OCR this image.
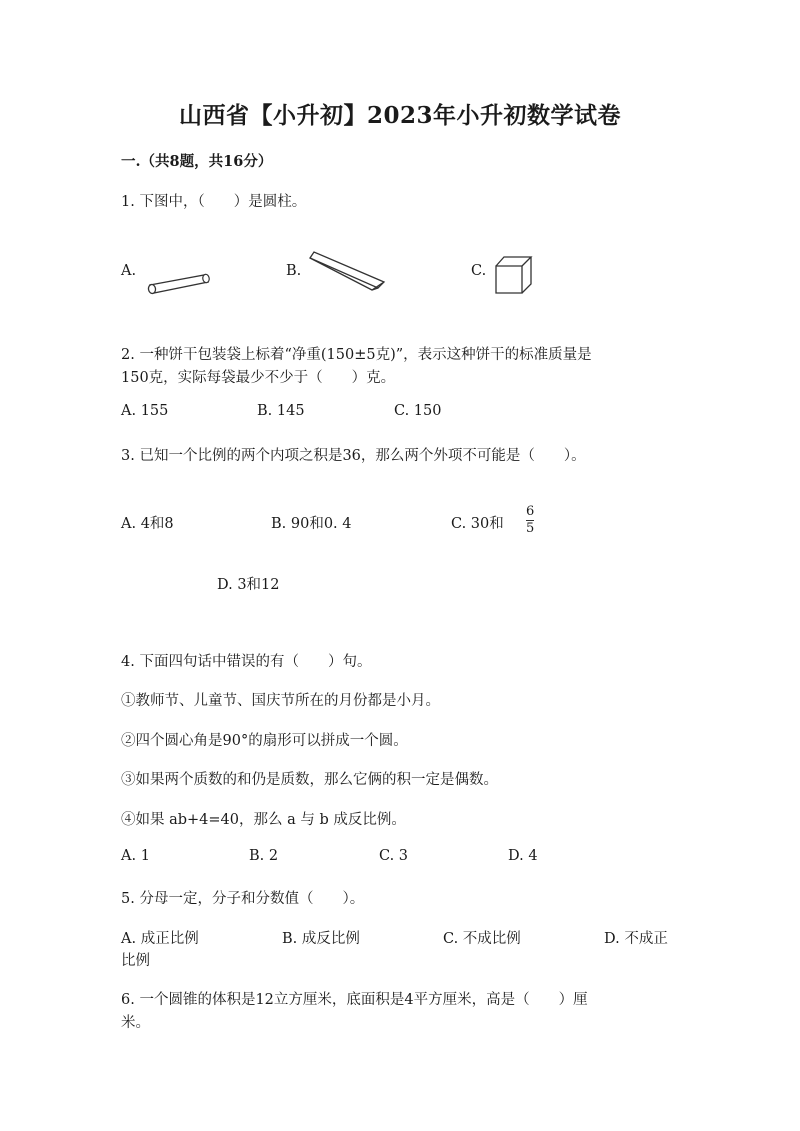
山西省【小升初】2023年小升初数学试卷
一.（共8题，共16分）
1. 下图中，（　　）是圆柱。
A.	B.	C.
2. 一种饼干包装袋上标着“净重(150±5克)”，表示这种饼干的标准质量是
150克，实际每袋最少不少于（　　）克。
A. 155	B. 145	C. 150
3. 已知一个比例的两个内项之积是36，那么两个外项不可能是（　　）。
A. 4和8	B. 90和0. 4	C. 30和
6
5
D. 3和12
4. 下面四句话中错误的有（　　）句。
①教师节、儿童节、国庆节所在的月份都是小月。
②四个圆心角是90°的扇形可以拼成一个圆。
③如果两个质数的和仍是质数，那么它俩的积一定是偶数。
④如果 ab+4=40，那么 a 与 b 成反比例。
A. 1	B. 2	C. 3	D. 4
5. 分母一定，分子和分数值（　　）。
A. 成正比例	B. 成反比例	C. 不成比例	D. 不成正
比例
6. 一个圆锥的体积是12立方厘米，底面积是4平方厘米，高是（　　）厘
米。
